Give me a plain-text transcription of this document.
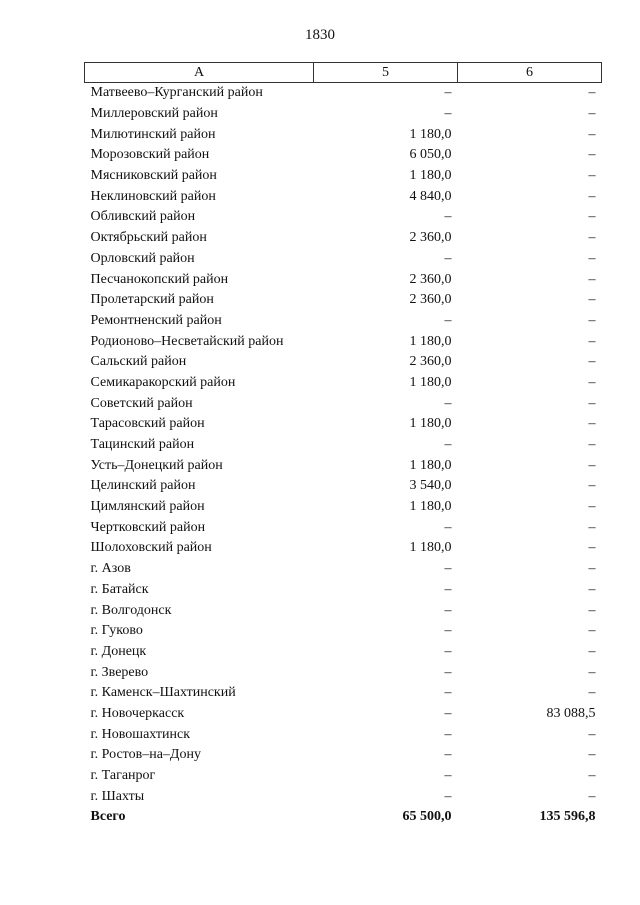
1830
А	5	6
Матвеево–Курганский район	–	–
Миллеровский район	–	–
Милютинский район	1 180,0	–
Морозовский район	6 050,0	–
Мясниковский район	1 180,0	–
Неклиновский район	4 840,0	–
Обливский район	–	–
Октябрьский район	2 360,0	–
Орловский район	–	–
Песчанокопский район	2 360,0	–
Пролетарский район	2 360,0	–
Ремонтненский район	–	–
Родионово–Несветайский район	1 180,0	–
Сальский район	2 360,0	–
Семикаракорский район	1 180,0	–
Советский район	–	–
Тарасовский район	1 180,0	–
Тацинский район	–	–
Усть–Донецкий район	1 180,0	–
Целинский район	3 540,0	–
Цимлянский район	1 180,0	–
Чертковский район	–	–
Шолоховский район	1 180,0	–
г. Азов	–	–
г. Батайск	–	–
г. Волгодонск	–	–
г. Гуково	–	–
г. Донецк	–	–
г. Зверево	–	–
г. Каменск–Шахтинский	–	–
г. Новочеркасск	–	83 088,5
г. Новошахтинск	–	–
г. Ростов–на–Дону	–	–
г. Таганрог	–	–
г. Шахты	–	–
Всего	65 500,0	135 596,8
